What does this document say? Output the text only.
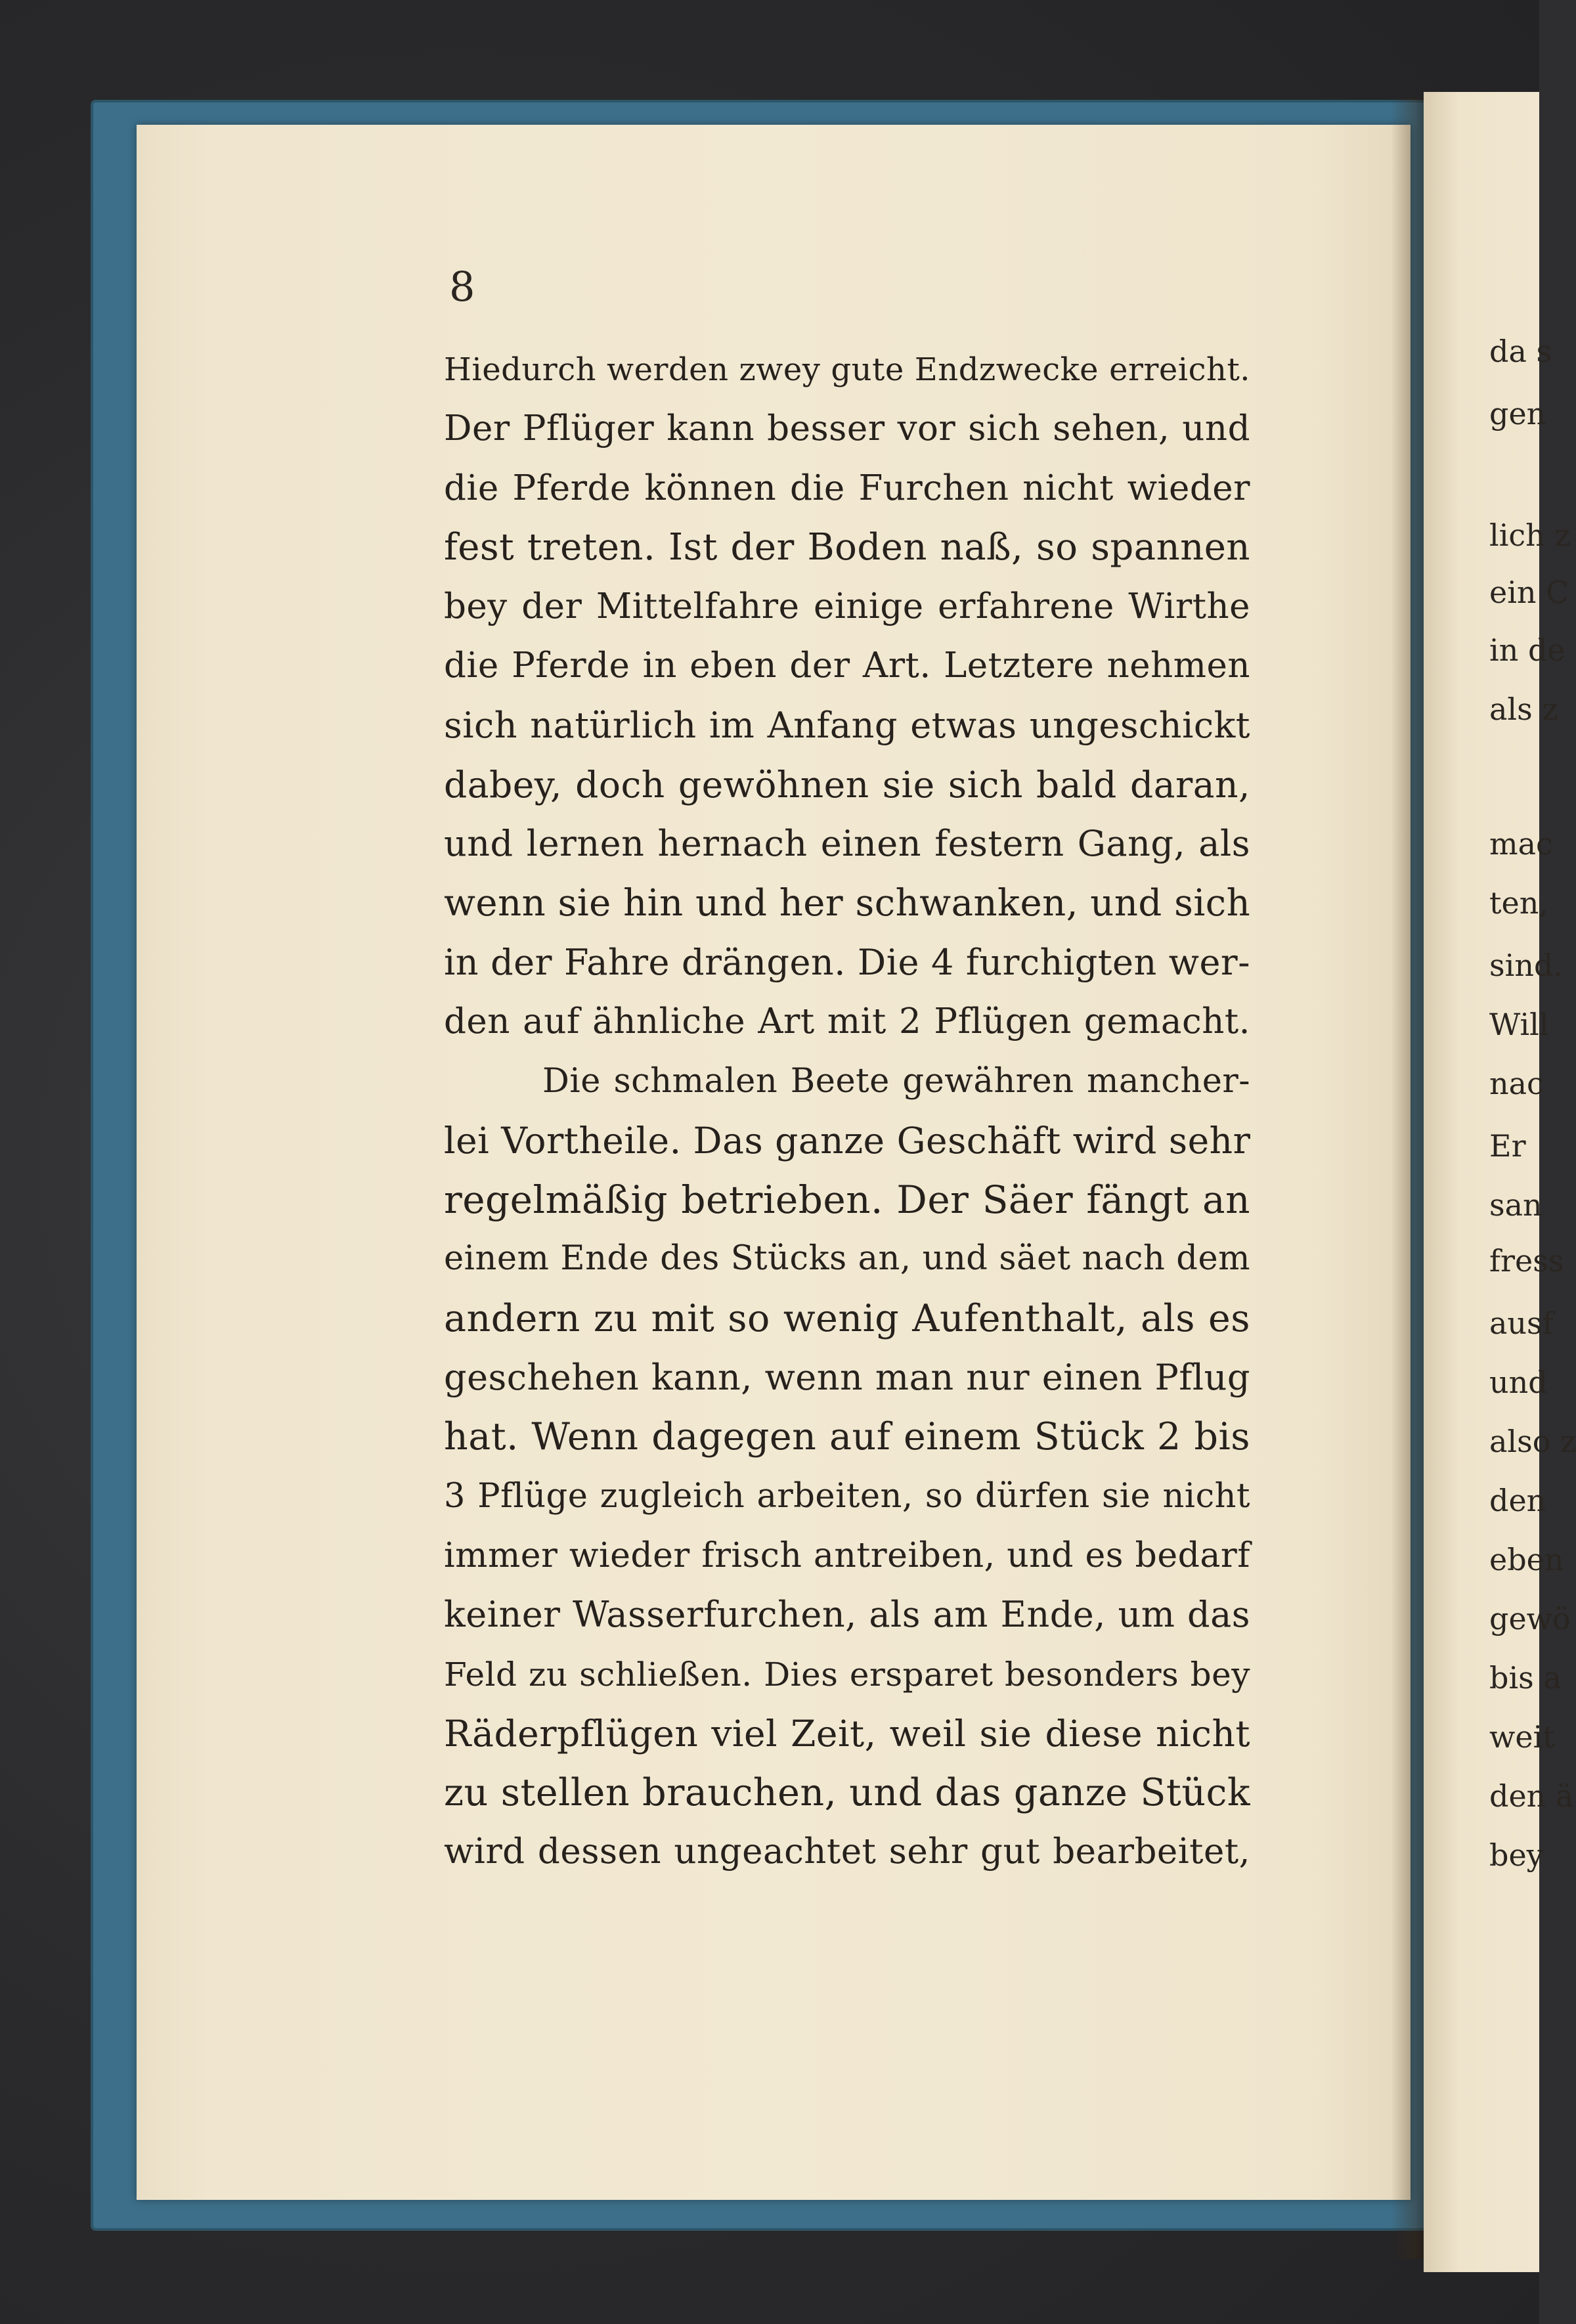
da s
gen
lich z
ein C
in de
als z
mac
ten,
sind.
Will
nac
Er
san
fress
ausf
und
also z
den
eben
gewö
bis a
weit
den ä
bey
8
Hiedurch werden zwey gute Endzwecke erreicht.
Der Pflüger kann besser vor sich sehen, und
die Pferde können die Furchen nicht wieder
fest treten. Ist der Boden naß, so spannen
bey der Mittelfahre einige erfahrene Wirthe
die Pferde in eben der Art. Letztere nehmen
sich natürlich im Anfang etwas ungeschickt
dabey, doch gewöhnen sie sich bald daran,
und lernen hernach einen festern Gang, als
wenn sie hin und her schwanken, und sich
in der Fahre drängen. Die 4 furchigten wer-
den auf ähnliche Art mit 2 Pflügen gemacht.
Die schmalen Beete gewähren mancher-
lei Vortheile. Das ganze Geschäft wird sehr
regelmäßig betrieben. Der Säer fängt an
einem Ende des Stücks an, und säet nach dem
andern zu mit so wenig Aufenthalt, als es
geschehen kann, wenn man nur einen Pflug
hat. Wenn dagegen auf einem Stück 2 bis
3 Pflüge zugleich arbeiten, so dürfen sie nicht
immer wieder frisch antreiben, und es bedarf
keiner Wasserfurchen, als am Ende, um das
Feld zu schließen. Dies ersparet besonders bey
Räderpflügen viel Zeit, weil sie diese nicht
zu stellen brauchen, und das ganze Stück
wird dessen ungeachtet sehr gut bearbeitet,
